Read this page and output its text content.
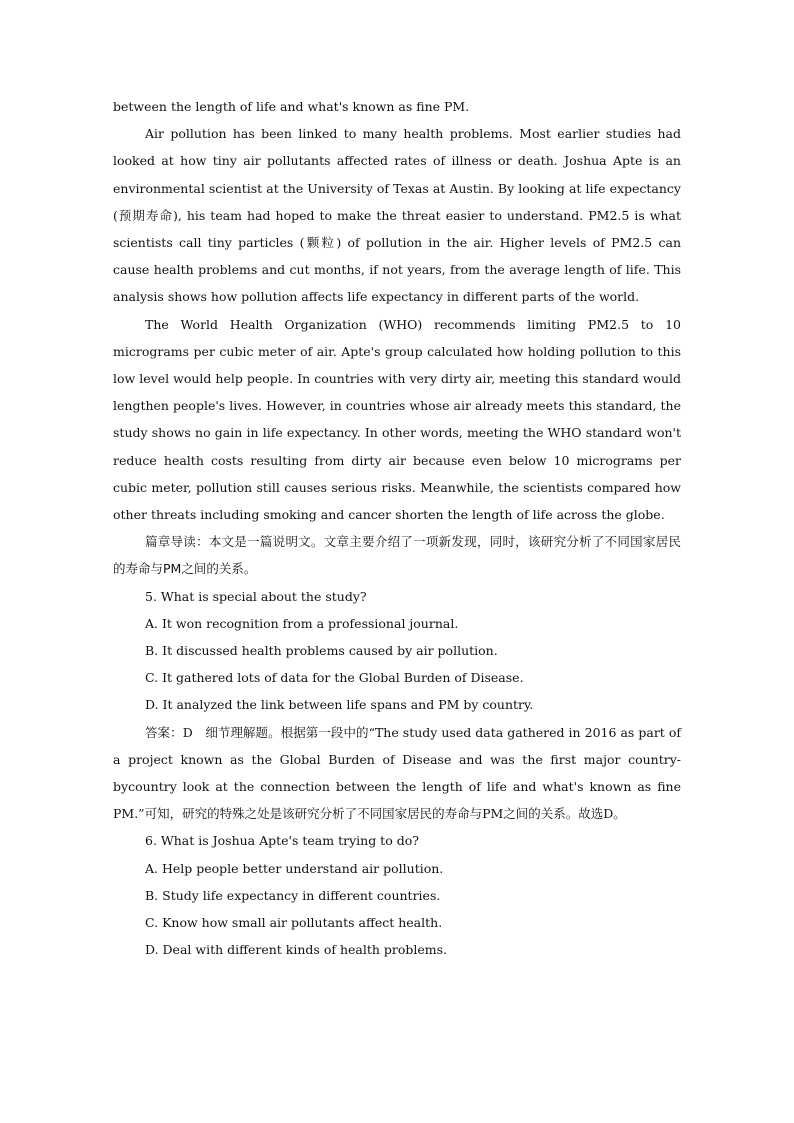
between the length of life and what's known as fine PM.
Air pollution has been linked to many health problems. Most earlier studies had looked at how tiny air pollutants affected rates of illness or death. Joshua Apte is an environmental scientist at the University of Texas at Austin. By looking at life expectancy (预期寿命), his team had hoped to make the threat easier to understand. PM2.5 is what scientists call tiny particles (颗粒) of pollution in the air. Higher levels of PM2.5 can cause health problems and cut months, if not years, from the average length of life. This analysis shows how pollution affects life expectancy in different parts of the world.
The World Health Organization (WHO) recommends limiting PM2.5 to 10 micrograms per cubic meter of air. Apte's group calculated how holding pollution to this low level would help people. In countries with very dirty air, meeting this standard would lengthen people's lives. However, in countries whose air already meets this standard, the study shows no gain in life expectancy. In other words, meeting the WHO standard won't reduce health costs resulting from dirty air because even below 10 micrograms per cubic meter, pollution still causes serious risks. Meanwhile, the scientists compared how other threats including smoking and cancer shorten the length of life across the globe.
篇章导读：本文是一篇说明文。文章主要介绍了一项新发现，同时，该研究分析了不同国家居民的寿命与PM之间的关系。
5. What is special about the study?
A. It won recognition from a professional journal.
B. It discussed health problems caused by air pollution.
C. It gathered lots of data for the Global Burden of Disease.
D. It analyzed the link between life spans and PM by country.
答案：D　细节理解题。根据第一段中的“The study used data gathered in 2016 as part of a project known as the Global Burden of Disease and was the first major country-bycountry look at the connection between the length of life and what's known as fine PM.”可知，研究的特殊之处是该研究分析了不同国家居民的寿命与PM之间的关系。故选D。
6. What is Joshua Apte's team trying to do?
A. Help people better understand air pollution.
B. Study life expectancy in different countries.
C. Know how small air pollutants affect health.
D. Deal with different kinds of health problems.
